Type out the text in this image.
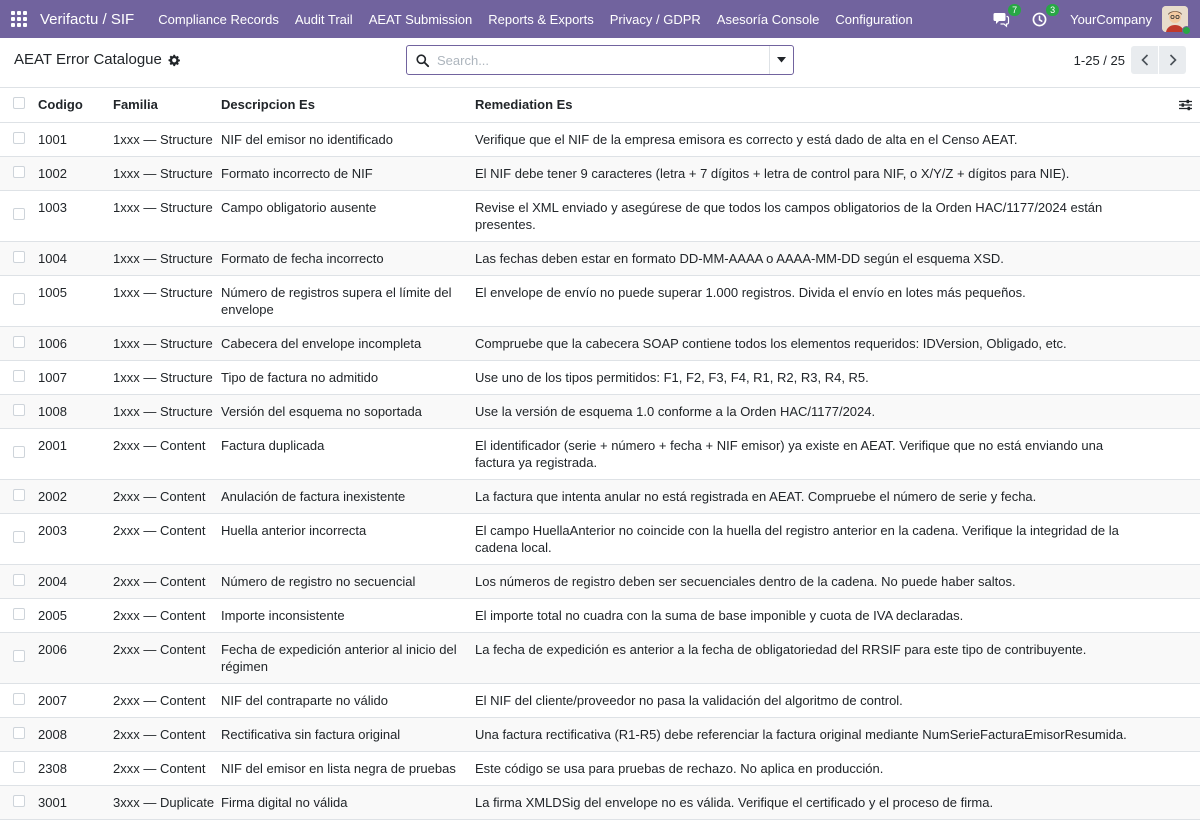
Verifactu / SIF	Compliance Records	Audit Trail	AEAT Submission	Reports & Exports	Privacy / GDPR	Asesoría Console	Configuration
7	3
YourCompany
AEAT Error Catalogue
Search...	1-25 / 25
	Codigo	Familia	Descripcion Es	Remediation Es	

	1001	1xxx — Structure	NIF del emisor no identificado	Verifique que el NIF de la empresa emisora es correcto y está dado de alta en el Censo AEAT.	
	1002	1xxx — Structure	Formato incorrecto de NIF	El NIF debe tener 9 caracteres (letra + 7 dígitos + letra de control para NIF, o X/Y/Z + dígitos para NIE).	
	1003	1xxx — Structure	Campo obligatorio ausente	Revise el XML enviado y asegúrese de que todos los campos obligatorios de la Orden HAC/1177/2024 están presentes.	
	1004	1xxx — Structure	Formato de fecha incorrecto	Las fechas deben estar en formato DD-MM-AAAA o AAAA-MM-DD según el esquema XSD.	
	1005	1xxx — Structure	Número de registros supera el límite del envelope	El envelope de envío no puede superar 1.000 registros. Divida el envío en lotes más pequeños.	
	1006	1xxx — Structure	Cabecera del envelope incompleta	Compruebe que la cabecera SOAP contiene todos los elementos requeridos: IDVersion, Obligado, etc.	
	1007	1xxx — Structure	Tipo de factura no admitido	Use uno de los tipos permitidos: F1, F2, F3, F4, R1, R2, R3, R4, R5.	
	1008	1xxx — Structure	Versión del esquema no soportada	Use la versión de esquema 1.0 conforme a la Orden HAC/1177/2024.	
	2001	2xxx — Content	Factura duplicada	El identificador (serie + número + fecha + NIF emisor) ya existe en AEAT. Verifique que no está enviando una factura ya registrada.	
	2002	2xxx — Content	Anulación de factura inexistente	La factura que intenta anular no está registrada en AEAT. Compruebe el número de serie y fecha.	
	2003	2xxx — Content	Huella anterior incorrecta	El campo HuellaAnterior no coincide con la huella del registro anterior en la cadena. Verifique la integridad de la cadena local.	
	2004	2xxx — Content	Número de registro no secuencial	Los números de registro deben ser secuenciales dentro de la cadena. No puede haber saltos.	
	2005	2xxx — Content	Importe inconsistente	El importe total no cuadra con la suma de base imponible y cuota de IVA declaradas.	
	2006	2xxx — Content	Fecha de expedición anterior al inicio del régimen	La fecha de expedición es anterior a la fecha de obligatoriedad del RRSIF para este tipo de contribuyente.	
	2007	2xxx — Content	NIF del contraparte no válido	El NIF del cliente/proveedor no pasa la validación del algoritmo de control.	
	2008	2xxx — Content	Rectificativa sin factura original	Una factura rectificativa (R1-R5) debe referenciar la factura original mediante NumSerieFacturaEmisorResumida.	
	2308	2xxx — Content	NIF del emisor en lista negra de pruebas	Este código se usa para pruebas de rechazo. No aplica en producción.	
	3001	3xxx — Duplicate	Firma digital no válida	La firma XMLDSig del envelope no es válida. Verifique el certificado y el proceso de firma.	
